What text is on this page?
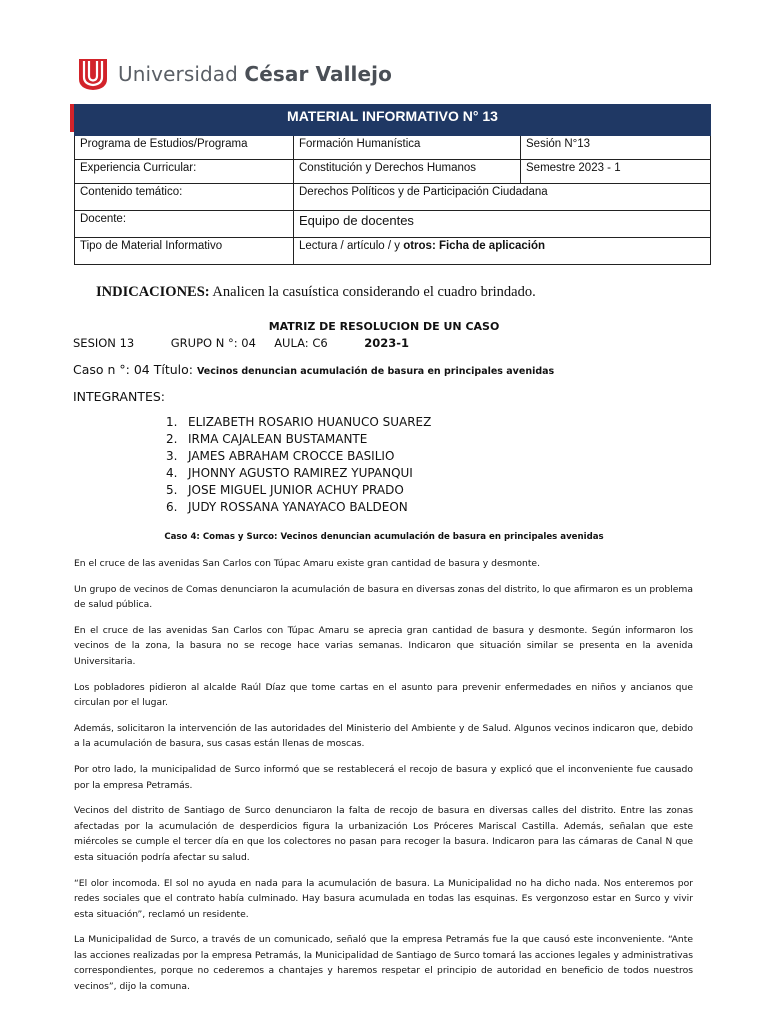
Universidad César Vallejo
MATERIAL INFORMATIVO N° 13		
Programa de Estudios/Programa	Formación Humanística	Sesión N°13
Experiencia Curricular:	Constitución y Derechos Humanos	Semestre 2023 - 1
Contenido temático:	Derechos Políticos y de Participación Ciudadana	
Docente:	Equipo de docentes	
Tipo de Material Informativo	Lectura / artículo / y otros: Ficha de aplicación	
INDICACIONES: Analicen la casuística considerando el cuadro brindado.
MATRIZ DE RESOLUCION DE UN CASO
SESION 13	GRUPO N °: 04 AULA: C6	2023-1
Caso n °: 04 Título: Vecinos denuncian acumulación de basura en principales avenidas
INTEGRANTES:
1. ELIZABETH ROSARIO HUANUCO SUAREZ
2. IRMA CAJALEAN BUSTAMANTE
3. JAMES ABRAHAM CROCCE BASILIO
4. JHONNY AGUSTO RAMIREZ YUPANQUI
5. JOSE MIGUEL JUNIOR ACHUY PRADO
6. JUDY ROSSANA YANAYACO BALDEON
Caso 4: Comas y Surco: Vecinos denuncian acumulación de basura en principales avenidas

En el cruce de las avenidas San Carlos con Túpac Amaru existe gran cantidad de basura y desmonte.

Un grupo de vecinos de Comas denunciaron la acumulación de basura en diversas zonas del distrito, lo que afirmaron es un problema de salud pública.

En el cruce de las avenidas San Carlos con Túpac Amaru se aprecia gran cantidad de basura y desmonte. Según informaron los vecinos de la zona, la basura no se recoge hace varias semanas. Indicaron que situación similar se presenta en la avenida Universitaria.

Los pobladores pidieron al alcalde Raúl Díaz que tome cartas en el asunto para prevenir enfermedades en niños y ancianos que circulan por el lugar.

Además, solicitaron la intervención de las autoridades del Ministerio del Ambiente y de Salud. Algunos vecinos indicaron que, debido a la acumulación de basura, sus casas están llenas de moscas.

Por otro lado, la municipalidad de Surco informó que se restablecerá el recojo de basura y explicó que el inconveniente fue causado por la empresa Petramás.

Vecinos del distrito de Santiago de Surco denunciaron la falta de recojo de basura en diversas calles del distrito. Entre las zonas afectadas por la acumulación de desperdicios figura la urbanización Los Próceres Mariscal Castilla. Además, señalan que este miércoles se cumple el tercer día en que los colectores no pasan para recoger la basura. Indicaron para las cámaras de Canal N que esta situación podría afectar su salud.

“El olor incomoda. El sol no ayuda en nada para la acumulación de basura. La Municipalidad no ha dicho nada. Nos enteremos por redes sociales que el contrato había culminado. Hay basura acumulada en todas las esquinas. Es vergonzoso estar en Surco y vivir esta situación”, reclamó un residente.

La Municipalidad de Surco, a través de un comunicado, señaló que la empresa Petramás fue la que causó este inconveniente. “Ante las acciones realizadas por la empresa Petramás, la Municipalidad de Santiago de Surco tomará las acciones legales y administrativas correspondientes, porque no cederemos a chantajes y haremos respetar el principio de autoridad en beneficio de todos nuestros vecinos”, dijo la comuna.
